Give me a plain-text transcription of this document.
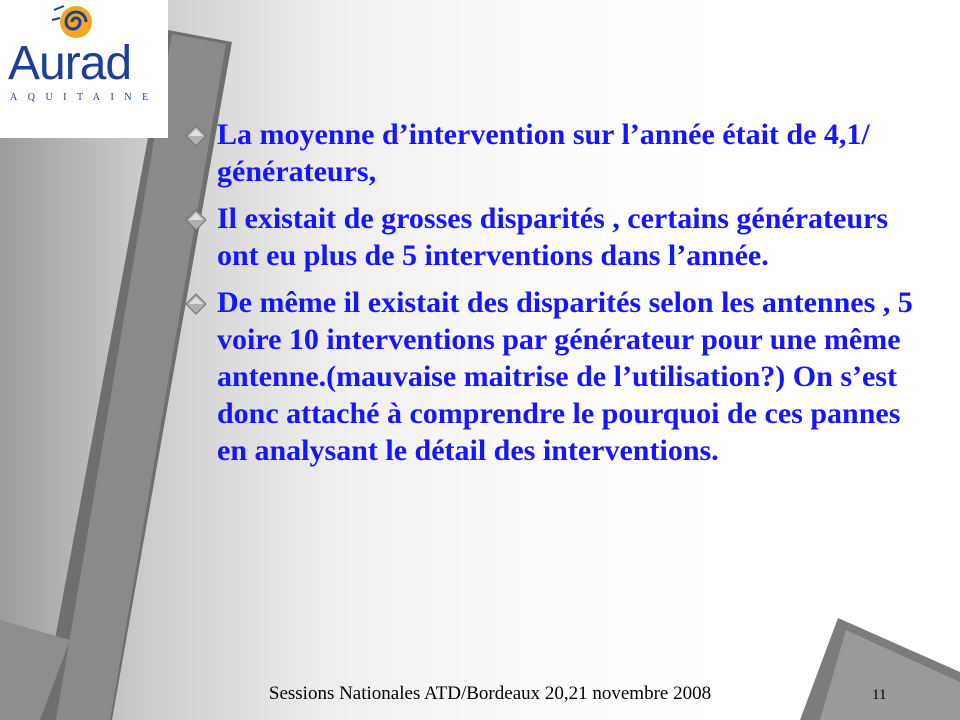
Aurad
AQUITAINE
La moyenne d’intervention sur l’année était de 4,1/ générateurs,
Il existait de grosses disparités , certains générateurs ont eu plus de 5 interventions dans l’année.
De même il existait des disparités selon les antennes , 5 voire 10 interventions par générateur pour une même antenne.(mauvaise maitrise de l’utilisation?) On s’est donc attaché à comprendre le pourquoi de ces pannes en analysant le détail des interventions.
Sessions Nationales ATD/Bordeaux 20,21 novembre 2008	11
